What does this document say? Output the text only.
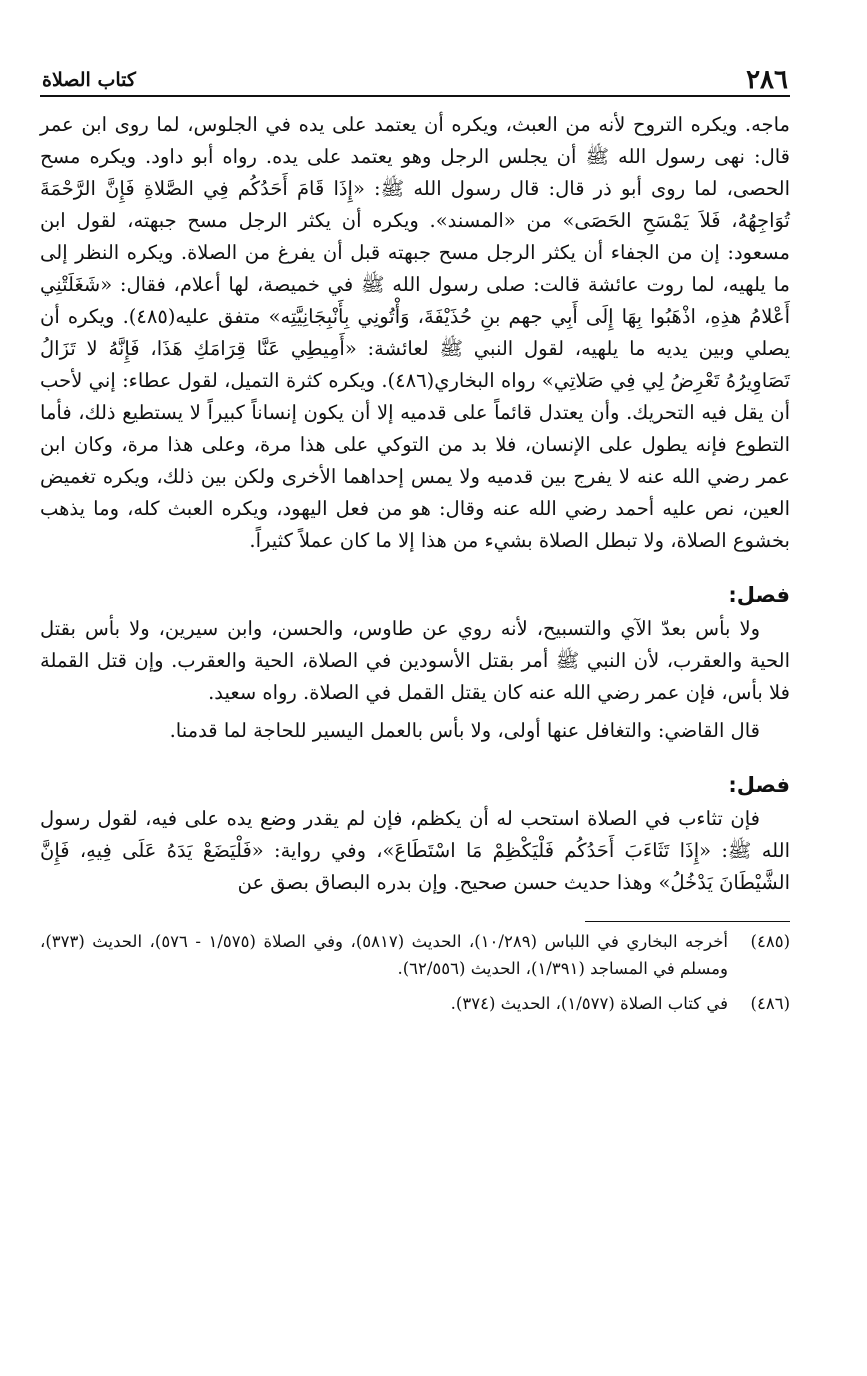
٢٨٦
كتاب الصلاة

ماجه. ويكره التروح لأنه من العبث، ويكره أن يعتمد على يده في الجلوس، لما روى ابن عمر قال: نهى رسول الله ﷺ أن يجلس الرجل وهو يعتمد على يده. رواه أبو داود. ويكره مسح الحصى، لما روى أبو ذر قال: قال رسول الله ﷺ: «إِذَا قَامَ أَحَدُكُم فِي الصَّلاةِ فَإِنَّ الرَّحْمَةَ تُوَاجِهُهُ، فَلاَ يَمْسَحِ الحَصَى» من «المسند». ويكره أن يكثر الرجل مسح جبهته، لقول ابن مسعود: إن من الجفاء أن يكثر الرجل مسح جبهته قبل أن يفرغ من الصلاة. ويكره النظر إلى ما يلهيه، لما روت عائشة قالت: صلى رسول الله ﷺ في خميصة، لها أعلام، فقال: «شَغَلَتْنِي أَعْلامُ هذِهِ، اذْهَبُوا بِهَا إِلَى أَبِي جهم بنِ حُذَيْفَةَ، وَأْتُونِي بِأَنْبِجَانِيَّتِه» متفق عليه(٤٨٥). ويكره أن يصلي وبين يديه ما يلهيه، لقول النبي ﷺ لعائشة: «أَمِيطِي عَنَّا قِرَامَكِ هَذَا، فَإِنَّهُ لا تَزَالُ تَصَاوِيرُهُ تَعْرِضُ لِي فِي صَلاتِي» رواه البخاري(٤٨٦). ويكره كثرة التميل، لقول عطاء: إني لأحب أن يقل فيه التحريك. وأن يعتدل قائماً على قدميه إلا أن يكون إنساناً كبيراً لا يستطيع ذلك، فأما التطوع فإنه يطول على الإنسان، فلا بد من التوكي على هذا مرة، وعلى هذا مرة، وكان ابن عمر رضي الله عنه لا يفرج بين قدميه ولا يمس إحداهما الأخرى ولكن بين ذلك، ويكره تغميض العين، نص عليه أحمد رضي الله عنه وقال: هو من فعل اليهود، ويكره العبث كله، وما يذهب بخشوع الصلاة، ولا تبطل الصلاة بشيء من هذا إلا ما كان عملاً كثيراً.

فصل:

ولا بأس بعدّ الآي والتسبيح، لأنه روي عن طاوس، والحسن، وابن سيرين، ولا بأس بقتل الحية والعقرب، لأن النبي ﷺ أمر بقتل الأسودين في الصلاة، الحية والعقرب. وإن قتل القملة فلا بأس، فإن عمر رضي الله عنه كان يقتل القمل في الصلاة. رواه سعيد.

قال القاضي: والتغافل عنها أولى، ولا بأس بالعمل اليسير للحاجة لما قدمنا.

فصل:

فإن تثاءب في الصلاة استحب له أن يكظم، فإن لم يقدر وضع يده على فيه، لقول رسول الله ﷺ: «إِذَا تَثَاءَبَ أَحَدُكُم فَلْيَكْظِمْ مَا اسْتَطَاعَ»، وفي رواية: «فَلْيَضَعْ يَدَهُ عَلَى فِيهِ، فَإِنَّ الشَّيْطَانَ يَدْخُلُ» وهذا حديث حسن صحيح. وإن بدره البصاق بصق عن

(٤٨٥)
أخرجه البخاري في اللباس (١٠/٢٨٩)، الحديث (٥٨١٧)، وفي الصلاة (١/٥٧٥ - ٥٧٦)، الحديث (٣٧٣)، ومسلم في المساجد (١/٣٩١)، الحديث (٦٢/٥٥٦).
(٤٨٦)
في كتاب الصلاة (١/٥٧٧)، الحديث (٣٧٤).
